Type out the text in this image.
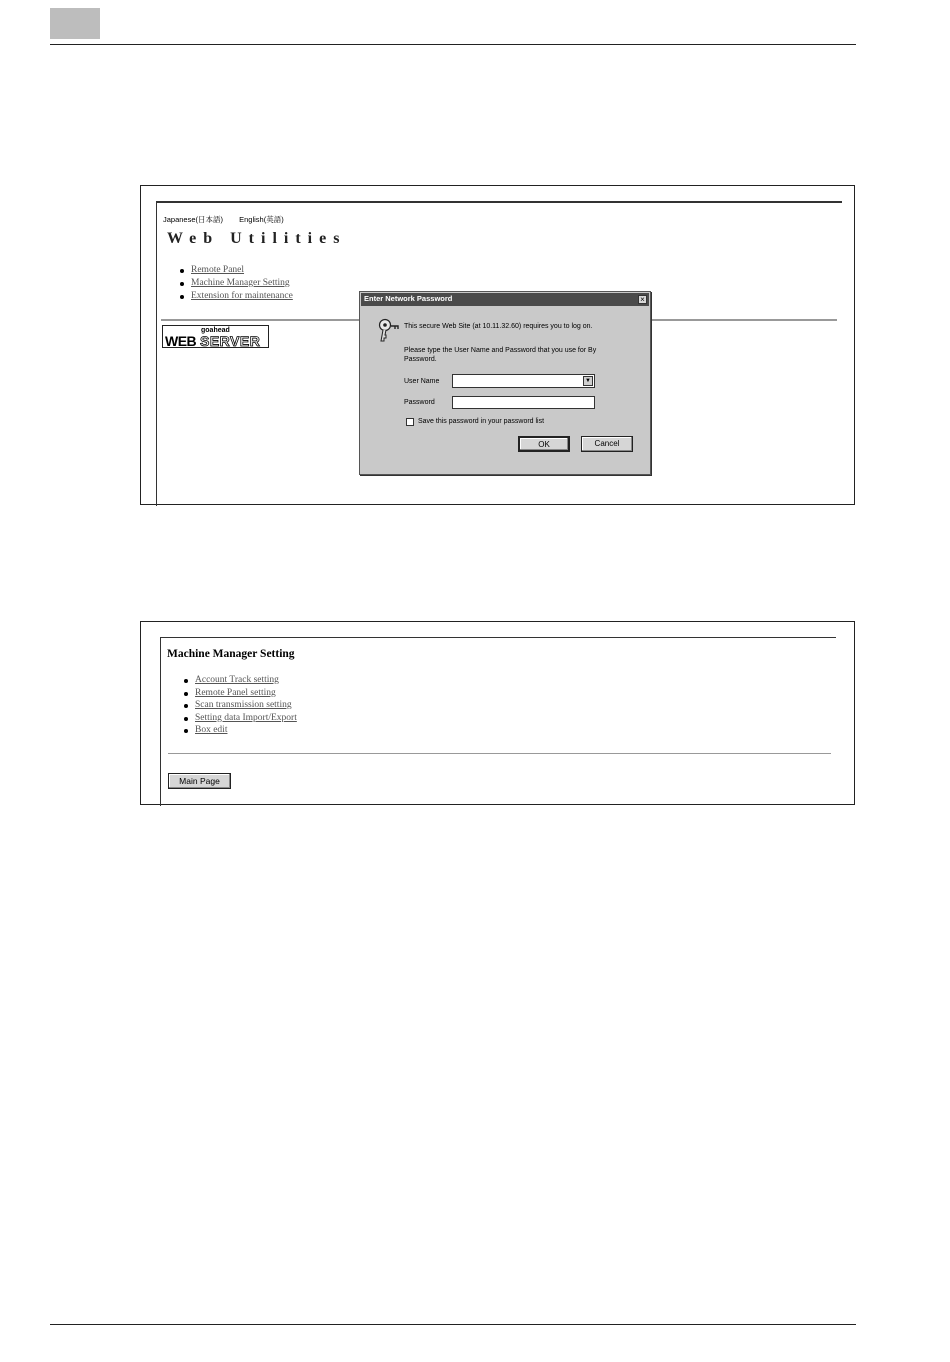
Japanese(日本語) English(英語)
Web Utilities
Remote Panel
Machine Manager Setting
Extension for maintenance
goahead
WEB SERVER
Enter Network Password	×
This secure Web Site (at 10.11.32.60) requires you to log on.
Please type the User Name and Password that you use for By Password.
User Name	▼
Password
Save this password in your password list
OK	Cancel
Machine Manager Setting
Account Track setting
Remote Panel setting
Scan transmission setting
Setting data Import/Export
Box edit
Main Page
